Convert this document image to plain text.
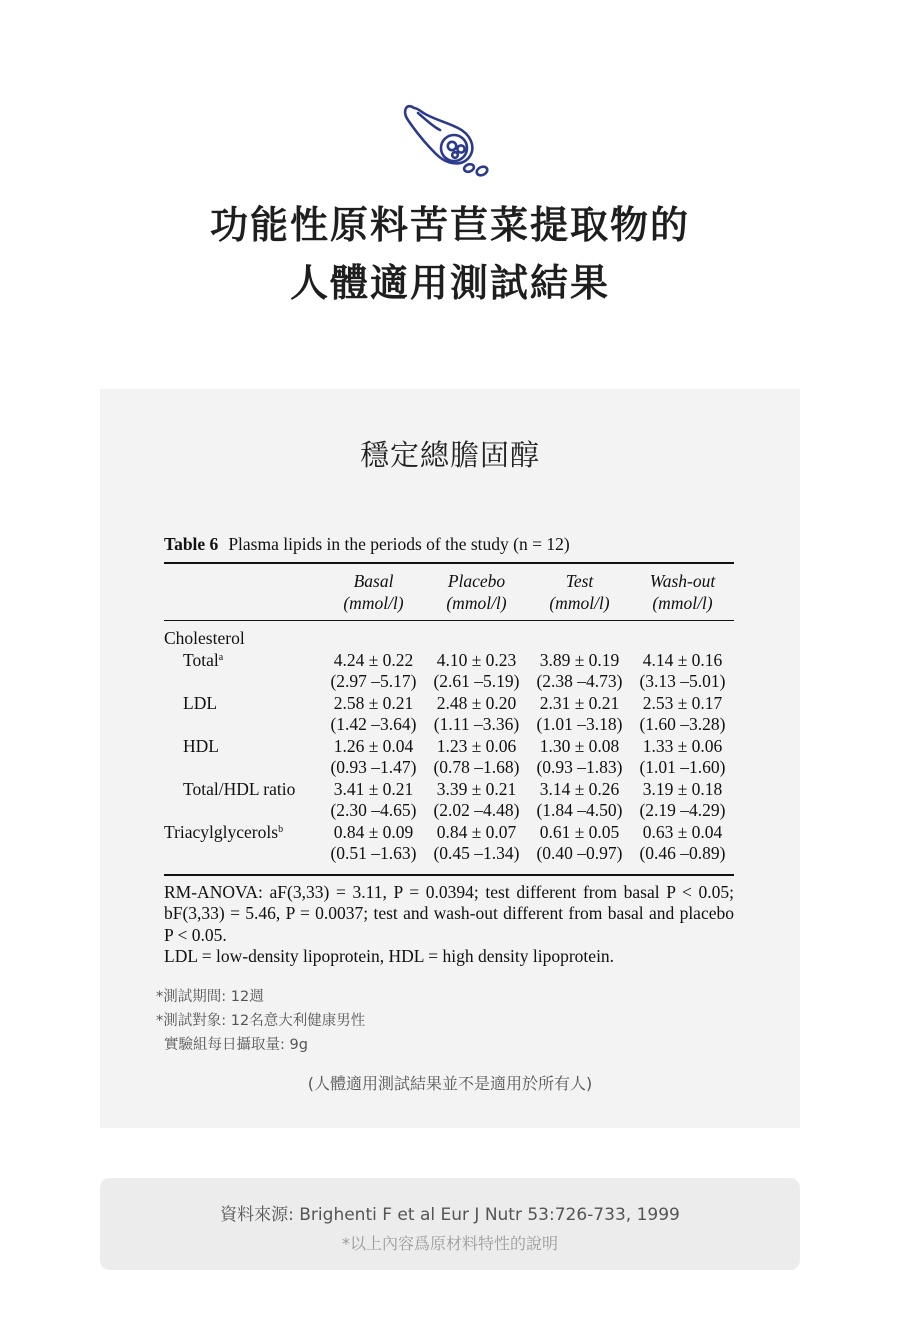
功能性原料苦苣菜提取物的
人體適用測試結果
穩定總膽固醇
Table 6 Plasma lipids in the periods of the study (n = 12)
	Basal	Placebo	Test	Wash-out
	(mmol/l)	(mmol/l)	(mmol/l)	(mmol/l)
Cholesterol				
Total$^a$	4.24 ± 0.22	4.10 ± 0.23	3.89 ± 0.19	4.14 ± 0.16
	(2.97 –5.17)	(2.61 –5.19)	(2.38 –4.73)	(3.13 –5.01)
LDL	2.58 ± 0.21	2.48 ± 0.20	2.31 ± 0.21	2.53 ± 0.17
	(1.42 –3.64)	(1.11 –3.36)	(1.01 –3.18)	(1.60 –3.28)
HDL	1.26 ± 0.04	1.23 ± 0.06	1.30 ± 0.08	1.33 ± 0.06
	(0.93 –1.47)	(0.78 –1.68)	(0.93 –1.83)	(1.01 –1.60)
Total/HDL ratio	3.41 ± 0.21	3.39 ± 0.21	3.14 ± 0.26	3.19 ± 0.18
	(2.30 –4.65)	(2.02 –4.48)	(1.84 –4.50)	(2.19 –4.29)
Triacylglycerols$^b$	0.84 ± 0.09	0.84 ± 0.07	0.61 ± 0.05	0.63 ± 0.04
	(0.51 –1.63)	(0.45 –1.34)	(0.40 –0.97)	(0.46 –0.89)

RM-ANOVA: aF(3,33) = 3.11, P = 0.0394; test different from basal P < 0.05; bF(3,33) = 5.46, P = 0.0037; test and wash-out different from basal and placebo P < 0.05.

LDL = low-density lipoprotein, HDL = high density lipoprotein.

*測試期間: 12週
*測試對象: 12名意大利健康男性
實驗組每日攝取量: 9g
(人體適用測試結果並不是適用於所有人)
資料來源: Brighenti F et al Eur J Nutr 53:726-733, 1999
*以上內容爲原材料特性的說明
